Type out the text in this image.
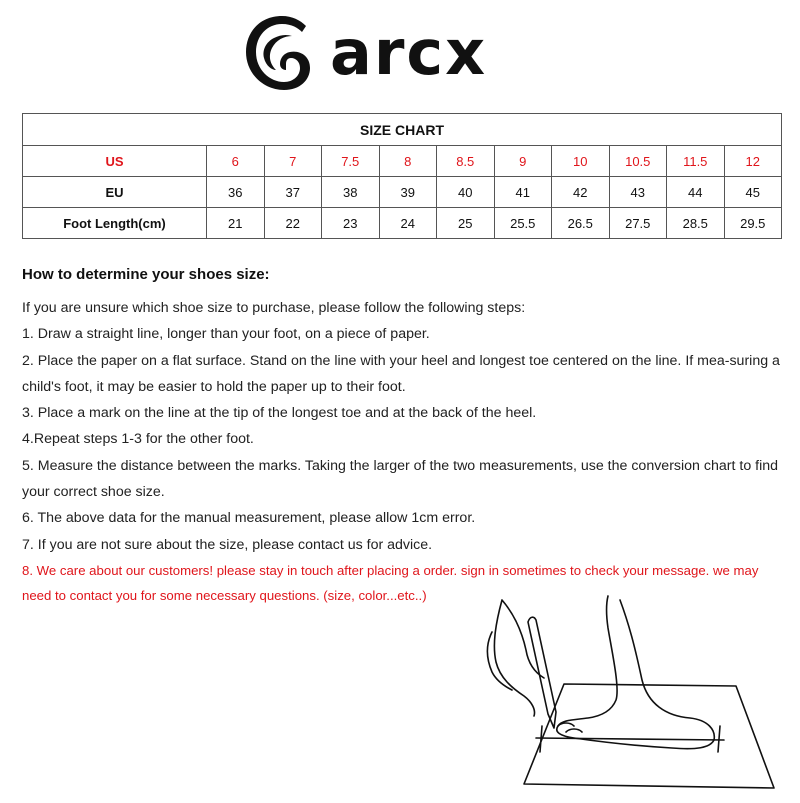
arcx
SIZE CHART										
US	6	7	7.5	8	8.5	9	10	10.5	11.5	12
EU	36	37	38	39	40	41	42	43	44	45
Foot Length(cm)	21	22	23	24	25	25.5	26.5	27.5	28.5	29.5
How to determine your shoes size:

If you are unsure which shoe size to purchase, please follow the following steps:

1. Draw a straight line, longer than your foot, on a piece of paper.

2. Place the paper on a flat surface. Stand on the line with your heel and longest toe centered on the line. If mea-suring a child's foot, it may be easier to hold the paper up to their foot.

3. Place a mark on the line at the tip of the longest toe and at the back of the heel.

4.Repeat steps 1-3 for the other foot.

5. Measure the distance between the marks. Taking the larger of the two measurements, use the conversion chart to find your correct shoe size.

6. The above data for the manual measurement, please allow 1cm error.

7. If you are not sure about the size, please contact us for advice.

8. We care about our customers! please stay in touch after placing a order. sign in sometimes to check your message. we may need to contact you for some necessary questions. (size, color...etc..)
